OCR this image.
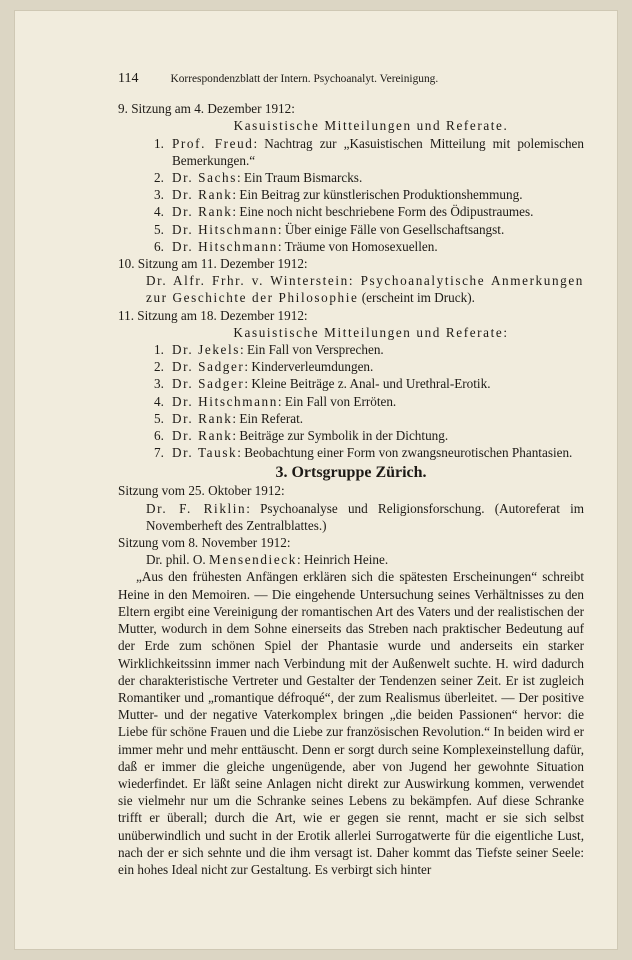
114	Korrespondenzblatt der Intern. Psychoanalyt. Vereinigung.
9. Sitzung am 4. Dezember 1912:
Kasuistische Mitteilungen und Referate.
1. Prof. Freud: Nachtrag zur „Kasuistischen Mitteilung mit polemischen Bemerkungen.“
2. Dr. Sachs: Ein Traum Bismarcks.
3. Dr. Rank: Ein Beitrag zur künstlerischen Produktionshemmung.
4. Dr. Rank: Eine noch nicht beschriebene Form des Ödipustraumes.
5. Dr. Hitschmann: Über einige Fälle von Gesellschaftsangst.
6. Dr. Hitschmann: Träume von Homosexuellen.
10. Sitzung am 11. Dezember 1912:
Dr. Alfr. Frhr. v. Winterstein: Psychoanalytische Anmerkungen zur Geschichte der Philosophie (erscheint im Druck).
11. Sitzung am 18. Dezember 1912:
Kasuistische Mitteilungen und Referate:
1. Dr. Jekels: Ein Fall von Versprechen.
2. Dr. Sadger: Kinderverleumdungen.
3. Dr. Sadger: Kleine Beiträge z. Anal- und Urethral-Erotik.
4. Dr. Hitschmann: Ein Fall von Erröten.
5. Dr. Rank: Ein Referat.
6. Dr. Rank: Beiträge zur Symbolik in der Dichtung.
7. Dr. Tausk: Beobachtung einer Form von zwangsneurotischen Phantasien.
3. Ortsgruppe Zürich.
Sitzung vom 25. Oktober 1912:
Dr. F. Riklin: Psychoanalyse und Religionsforschung. (Autoreferat im Novemberheft des Zentralblattes.)
Sitzung vom 8. November 1912:
Dr. phil. O. Mensendieck: Heinrich Heine.
„Aus den frühesten Anfängen erklären sich die spätesten Erscheinungen“ schreibt Heine in den Memoiren. — Die eingehende Untersuchung seines Verhältnisses zu den Eltern ergibt eine Vereinigung der romantischen Art des Vaters und der realistischen der Mutter, wodurch in dem Sohne einerseits das Streben nach praktischer Bedeutung auf der Erde zum schönen Spiel der Phantasie wurde und anderseits ein starker Wirklichkeitssinn immer nach Verbindung mit der Außenwelt suchte. H. wird dadurch der charakteristische Vertreter und Gestalter der Tendenzen seiner Zeit. Er ist zugleich Romantiker und „romantique défroqué“, der zum Realismus überleitet. — Der positive Mutter- und der negative Vaterkomplex bringen „die beiden Passionen“ hervor: die Liebe für schöne Frauen und die Liebe zur französischen Revolution.“ In beiden wird er immer mehr und mehr enttäuscht. Denn er sorgt durch seine Komplexeinstellung dafür, daß er immer die gleiche ungenügende, aber von Jugend her gewohnte Situation wiederfindet. Er läßt seine Anlagen nicht direkt zur Auswirkung kommen, verwendet sie vielmehr nur um die Schranke seines Lebens zu bekämpfen. Auf diese Schranke trifft er überall; durch die Art, wie er gegen sie rennt, macht er sie sich selbst unüberwindlich und sucht in der Erotik allerlei Surrogatwerte für die eigentliche Lust, nach der er sich sehnte und die ihm versagt ist. Daher kommt das Tiefste seiner Seele: ein hohes Ideal nicht zur Gestaltung. Es verbirgt sich hinter
